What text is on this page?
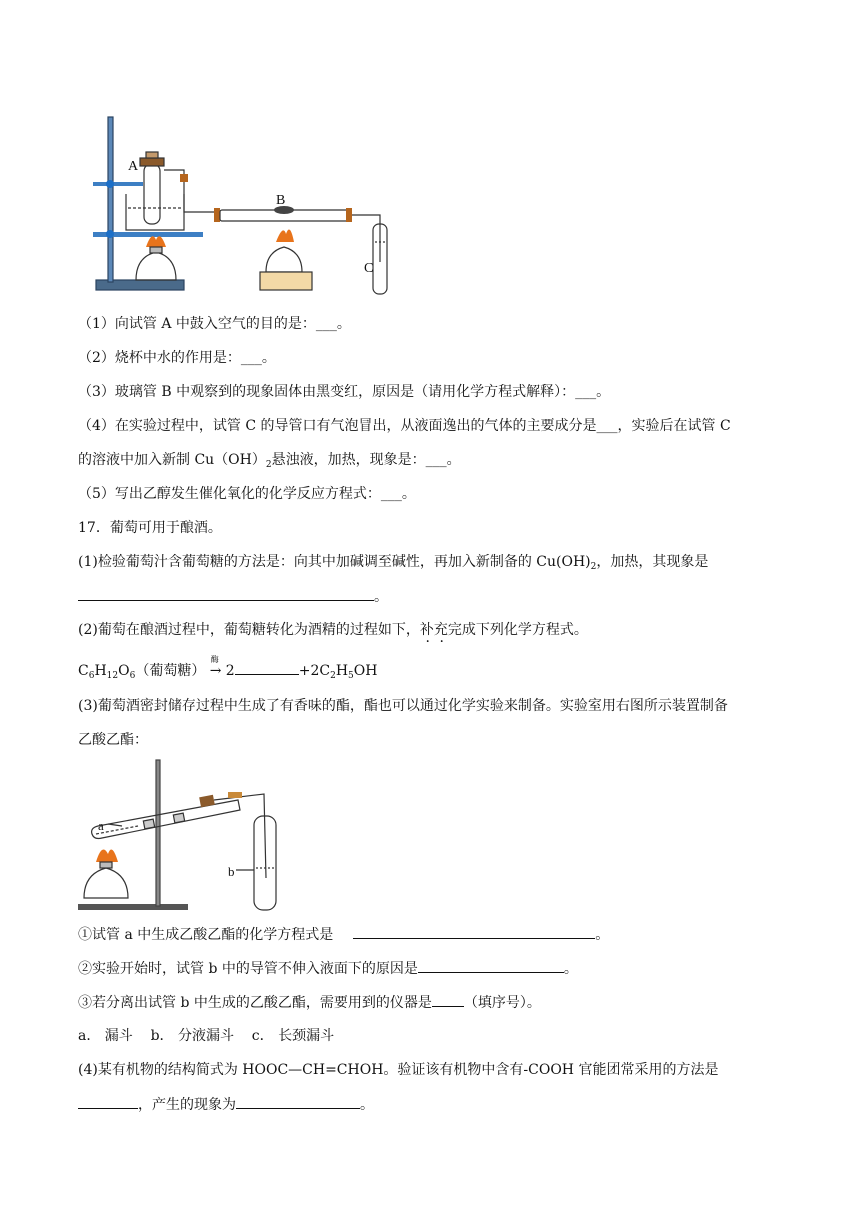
A
B
C
（1）向试管 A 中鼓入空气的目的是：___。
（2）烧杯中水的作用是：___。
（3）玻璃管 B 中观察到的现象固体由黑变红，原因是（请用化学方程式解释）：___。
（4）在实验过程中，试管 C 的导管口有气泡冒出，从液面逸出的气体的主要成分是___，实验后在试管 C
的溶液中加入新制 $Cu(OH)_2$悬浊液，加热，现象是：___。
（5）写出乙醇发生催化氧化的化学反应方程式：___。
17．葡萄可用于酿酒。
(1)检验葡萄汁含葡萄糖的方法是：向其中加碱调至碱性，再加入新制备的 $Cu(OH)_2$，加热，其现象是
。
(2)葡萄在酿酒过程中，葡萄糖转化为酒精的过程如下，补充完成下列化学方程式。
$C_6H_{12}O_6$（葡萄糖）
酶
→ 2	$+2C_2H_5OH$
(3)葡萄酒密封储存过程中生成了有香味的酯，酯也可以通过化学实验来制备。实验室用右图所示装置制备
乙酸乙酯：
a
b
①试管 a 中生成乙酸乙酯的化学方程式是	。
②实验开始时，试管 b 中的导管不伸入液面下的原因是	。
③若分离出试管 b 中生成的乙酸乙酯，需要用到的仪器是 （填序号）。
a． 漏斗    b． 分液漏斗    c． 长颈漏斗
(4)某有机物的结构简式为 HOOC—CH=CHOH。验证该有机物中含有-COOH 官能团常采用的方法是
，产生的现象为	。
